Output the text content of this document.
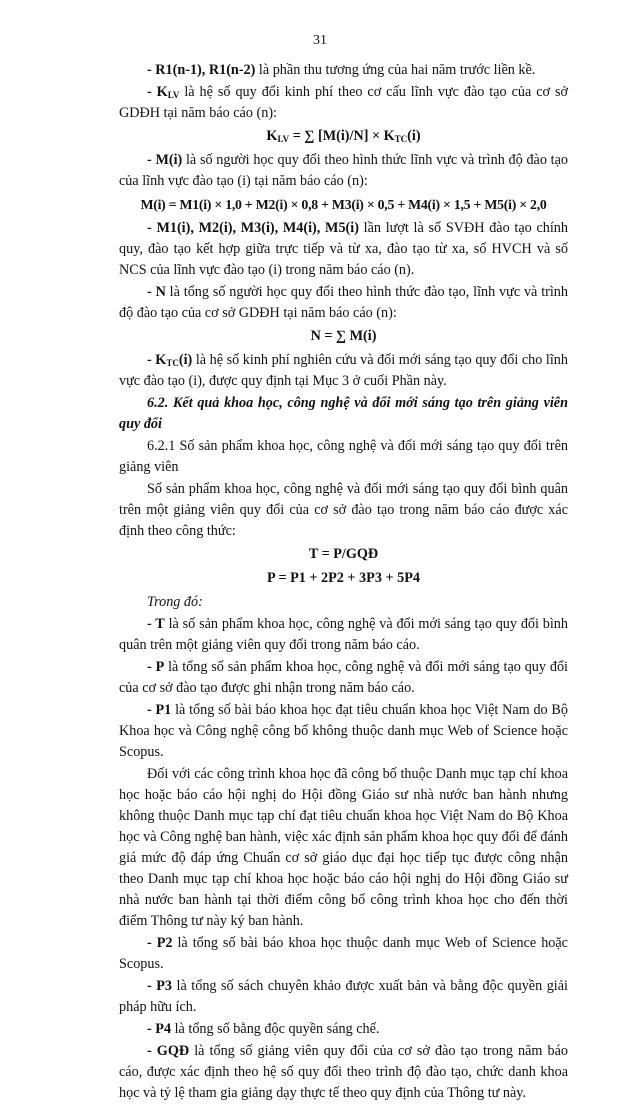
31

- R1(n-1), R1(n-2) là phần thu tương ứng của hai năm trước liền kề.

- $K_{LV}$ là hệ số quy đổi kinh phí theo cơ cấu lĩnh vực đào tạo của cơ sở GDĐH tại năm báo cáo (n):

$K_{LV}$ = ∑ $[M(i)/N] \times K_{TC}(i)$

- M(i) là số người học quy đổi theo hình thức lĩnh vực và trình độ đào tạo của lĩnh vực đào tạo (i) tại năm báo cáo (n):

M(i) = M1(i) × 1,0 + M2(i) × 0,8 + M3(i) × 0,5 + M4(i) × 1,5 + M5(i) × 2,0

- M1(i), M2(i), M3(i), M4(i), M5(i) lần lượt là số SVĐH đào tạo chính quy, đào tạo kết hợp giữa trực tiếp và từ xa, đào tạo từ xa, số HVCH và số NCS của lĩnh vực đào tạo (i) trong năm báo cáo (n).

- N là tổng số người học quy đổi theo hình thức đào tạo, lĩnh vực và trình độ đào tạo của cơ sở GDĐH tại năm báo cáo (n):

N = ∑ M(i)

- $K_{TC}(i)$ là hệ số kinh phí nghiên cứu và đổi mới sáng tạo quy đổi cho lĩnh vực đào tạo (i), được quy định tại Mục 3 ở cuối Phần này.

6.2. Kết quả khoa học, công nghệ và đổi mới sáng tạo trên giảng viên quy đổi

6.2.1 Số sản phẩm khoa học, công nghệ và đổi mới sáng tạo quy đổi trên giảng viên

Số sản phẩm khoa học, công nghệ và đổi mới sáng tạo quy đổi bình quân trên một giảng viên quy đổi của cơ sở đào tạo trong năm báo cáo được xác định theo công thức:

T = P/GQĐ

P = P1 + 2P2 + 3P3 + 5P4

Trong đó:

- T là số sản phẩm khoa học, công nghệ và đổi mới sáng tạo quy đổi bình quân trên một giảng viên quy đổi trong năm báo cáo.

- P là tổng số sản phẩm khoa học, công nghệ và đổi mới sáng tạo quy đổi của cơ sở đào tạo được ghi nhận trong năm báo cáo.

- P1 là tổng số bài báo khoa học đạt tiêu chuẩn khoa học Việt Nam do Bộ Khoa học và Công nghệ công bố không thuộc danh mục Web of Science hoặc Scopus.

Đối với các công trình khoa học đã công bố thuộc Danh mục tạp chí khoa học hoặc báo cáo hội nghị do Hội đồng Giáo sư nhà nước ban hành nhưng không thuộc Danh mục tạp chí đạt tiêu chuẩn khoa học Việt Nam do Bộ Khoa học và Công nghệ ban hành, việc xác định sản phẩm khoa học quy đổi để đánh giá mức độ đáp ứng Chuẩn cơ sở giáo dục đại học tiếp tục được công nhận theo Danh mục tạp chí khoa học hoặc báo cáo hội nghị do Hội đồng Giáo sư nhà nước ban hành tại thời điểm công bố công trình khoa học cho đến thời điểm Thông tư này ký ban hành.

- P2 là tổng số bài báo khoa học thuộc danh mục Web of Science hoặc Scopus.

- P3 là tổng số sách chuyên khảo được xuất bản và bằng độc quyền giải pháp hữu ích.

- P4 là tổng số bằng độc quyền sáng chế.

- GQĐ là tổng số giảng viên quy đổi của cơ sở đào tạo trong năm báo cáo, được xác định theo hệ số quy đổi theo trình độ đào tạo, chức danh khoa học và tỷ lệ tham gia giảng dạy thực tế theo quy định của Thông tư này.
